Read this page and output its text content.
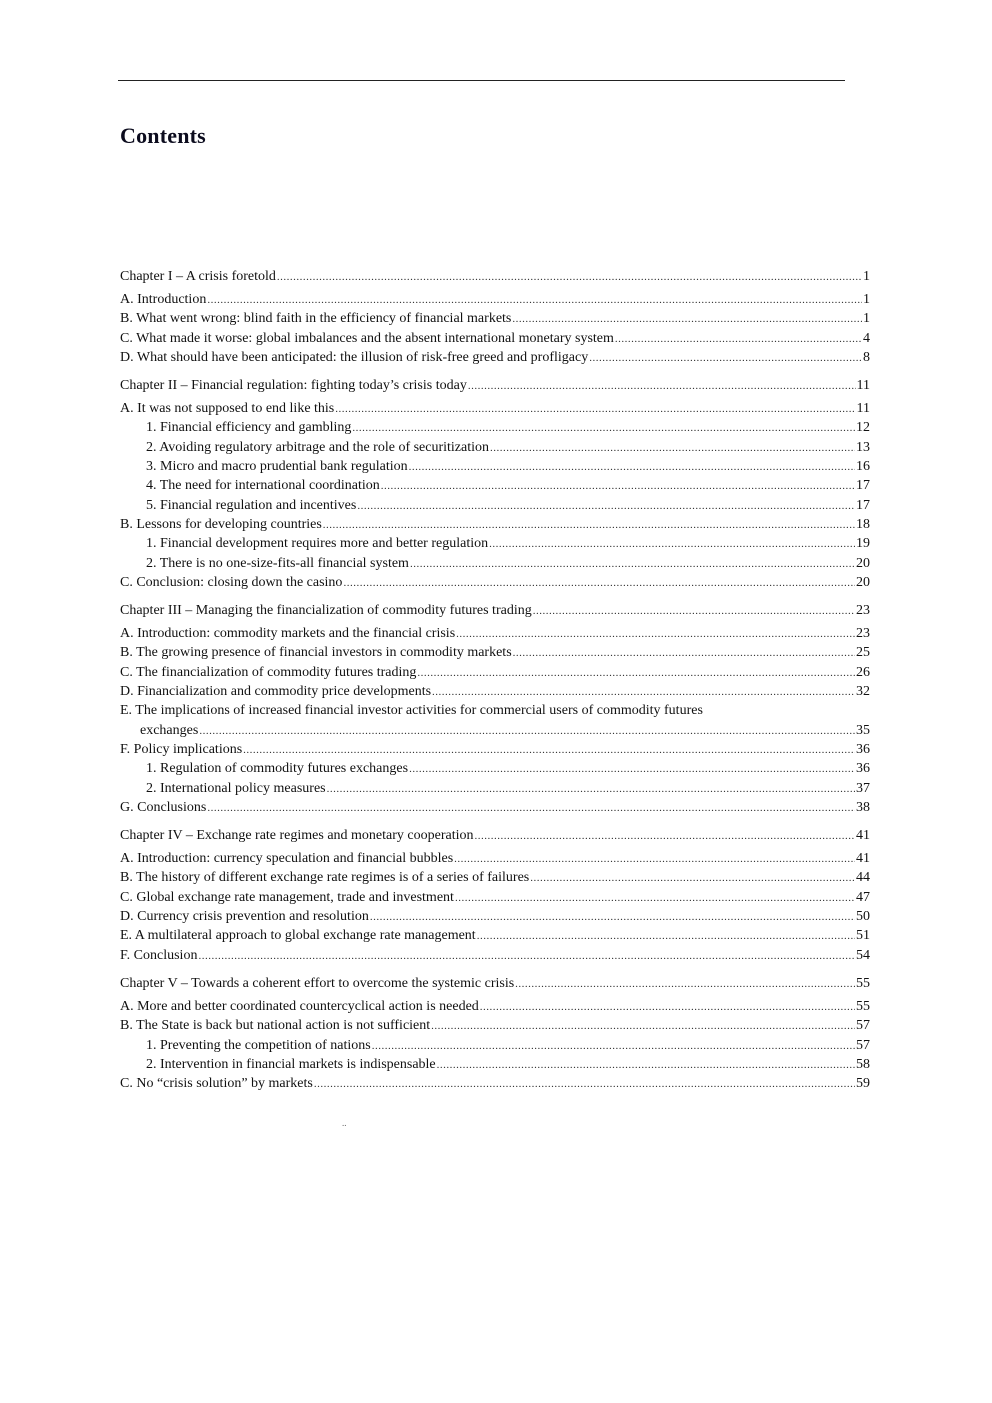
Contents
Chapter I – A crisis foretold .....	1
A. Introduction .....	1
B. What went wrong: blind faith in the efficiency of financial markets .....	1
C. What made it worse: global imbalances and the absent international monetary system .....	4
D. What should have been anticipated: the illusion of risk-free greed and profligacy .....	8
Chapter II – Financial regulation: fighting today’s crisis today .....	11
A. It was not supposed to end like this .....	11
1. Financial efficiency and gambling .....	12
2. Avoiding regulatory arbitrage and the role of securitization .....	13
3. Micro and macro prudential bank regulation .....	16
4. The need for international coordination .....	17
5. Financial regulation and incentives .....	17
B. Lessons for developing countries .....	18
1. Financial development requires more and better regulation .....	19
2. There is no one-size-fits-all financial system .....	20
C. Conclusion: closing down the casino .....	20
Chapter III – Managing the financialization of commodity futures trading .....	23
A. Introduction: commodity markets and the financial crisis .....	23
B. The growing presence of financial investors in commodity markets .....	25
C. The financialization of commodity futures trading .....	26
D. Financialization and commodity price developments .....	32
E. The implications of increased financial investor activities for commercial users of commodity futures
exchanges .....	35
F. Policy implications .....	36
1. Regulation of commodity futures exchanges .....	36
2. International policy measures .....	37
G. Conclusions .....	38
Chapter IV – Exchange rate regimes and monetary cooperation .....	41
A. Introduction: currency speculation and financial bubbles .....	41
B. The history of different exchange rate regimes is of a series of failures .....	44
C. Global exchange rate management, trade and investment .....	47
D. Currency crisis prevention and resolution .....	50
E. A multilateral approach to global exchange rate management .....	51
F. Conclusion .....	54
Chapter V – Towards a coherent effort to overcome the systemic crisis .....	55
A. More and better coordinated countercyclical action is needed .....	55
B. The State is back but national action is not sufficient .....	57
1. Preventing the competition of nations .....	57
2. Intervention in financial markets is indispensable .....	58
C. No “crisis solution” by markets .....	59
..
